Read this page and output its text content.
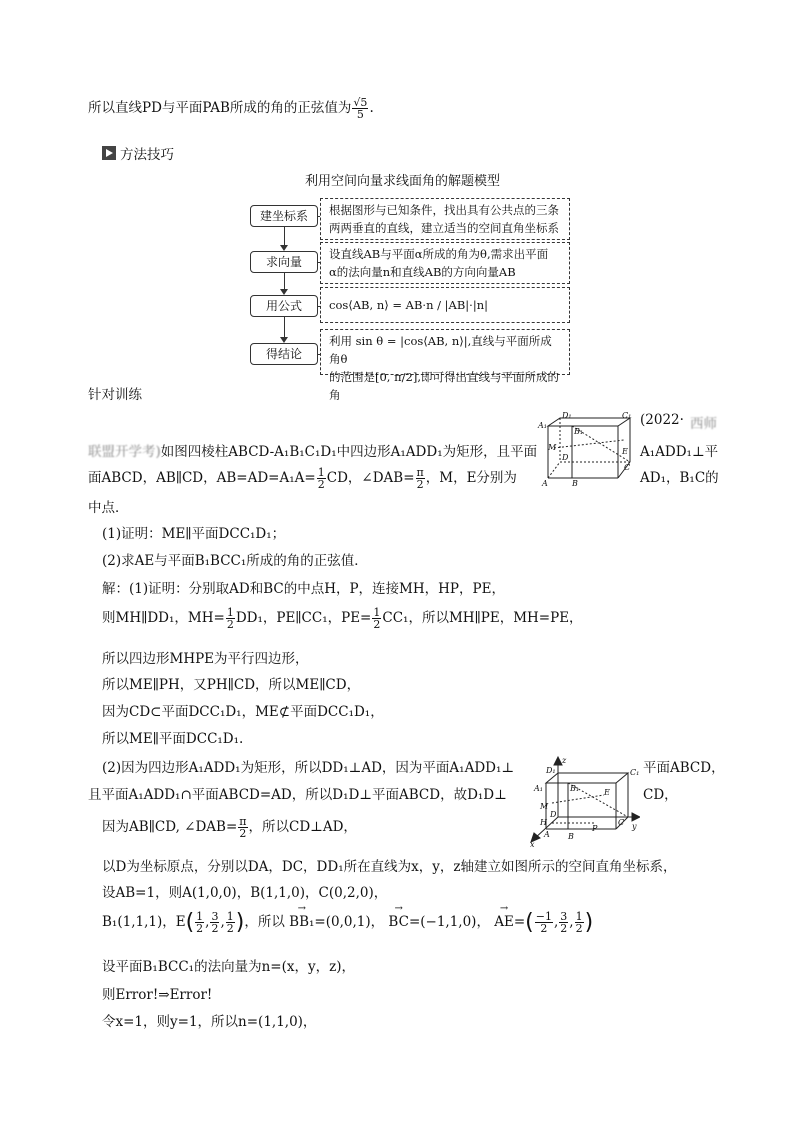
所以直线PD与平面PAB所成的角的正弦值为 $\frac{√5}{5}$ .
方法技巧
利用空间向量求线面角的解题模型
建坐标系
求向量
用公式
得结论
根据图形与已知条件，找出具有公共点的三条
两两垂直的直线，建立适当的空间直角坐标系
设直线AB与平面α所成的角为θ,需求出平面
α的法向量n和直线AB的方向向量AB
cos⟨AB, n⟩ = AB·n / |AB|·|n|
利用 sin θ = |cos⟨AB, n⟩|,直线与平面所成角θ
的范围是[0, π/2],即可得出直线与平面所成的角
针对训练
D₁	C₁
A₁
B₁
M
D
E
C
A	B
(2022· 西师
联盟开学考)如图四棱柱ABCD-A₁B₁C₁D₁中四边形A₁ADD₁为矩形，且平面	A₁ADD₁⊥平
面ABCD，AB∥CD，$AB=AD=A_1A= \frac{1}{2}$ CD，∠DAB= $\frac{\pi}{2}$ ，M，E分别为	AD₁，B₁C的
中点．
(1)证明：ME∥平面DCC₁D₁；
(2)求AE与平面B₁BCC₁所成的角的正弦值．
解：(1)证明：分别取AD和BC的中点H，P，连接MH，HP，PE，
则MH∥DD₁，$MH= \frac{1}{2} DD_1$，PE∥CC₁，$PE= \frac{1}{2} CC_1$，所以MH∥PE，MH=PE，
所以四边形MHPE为平行四边形，
所以ME∥PH，又PH∥CD，所以ME∥CD，
因为CD⊂平面DCC₁D₁，ME⊄平面DCC₁D₁，
所以ME∥平面DCC₁D₁.
(2)因为四边形A₁ADD₁为矩形，所以DD₁⊥AD，因为平面A₁ADD₁⊥	平面ABCD，
且平面A₁ADD₁∩平面ABCD=AD，所以D₁D⊥平面ABCD，故D₁D⊥	CD，
z
y
x
D₁	C₁
A₁	B₁
M
D
E
C
H
A B
P
因为AB∥CD, ∠DAB= $\frac{\pi}{2}$ ，所以CD⊥AD，
以D为坐标原点，分别以DA，DC，DD₁所在直线为x，y，z轴建立如图所示的空间直角坐标系，
设AB=1，则A(1,0,0)，B(1,1,0)，C(0,2,0)，
B₁(1,1,1)，$E( \frac{1}{2}$ , $\frac{3}{2}$ , $\frac{1}{2}$ )，所以 → BB₁=(0,0,1)， → BC=(−1,1,0)， → $AE=( \frac{-1}{2}$ , $\frac{3}{2}$ , $\frac{1}{2}$ )
设平面B₁BCC₁的法向量为n=(x，y，z)，
则Error!⇒Error!
令x=1，则y=1，所以n=(1,1,0)，
